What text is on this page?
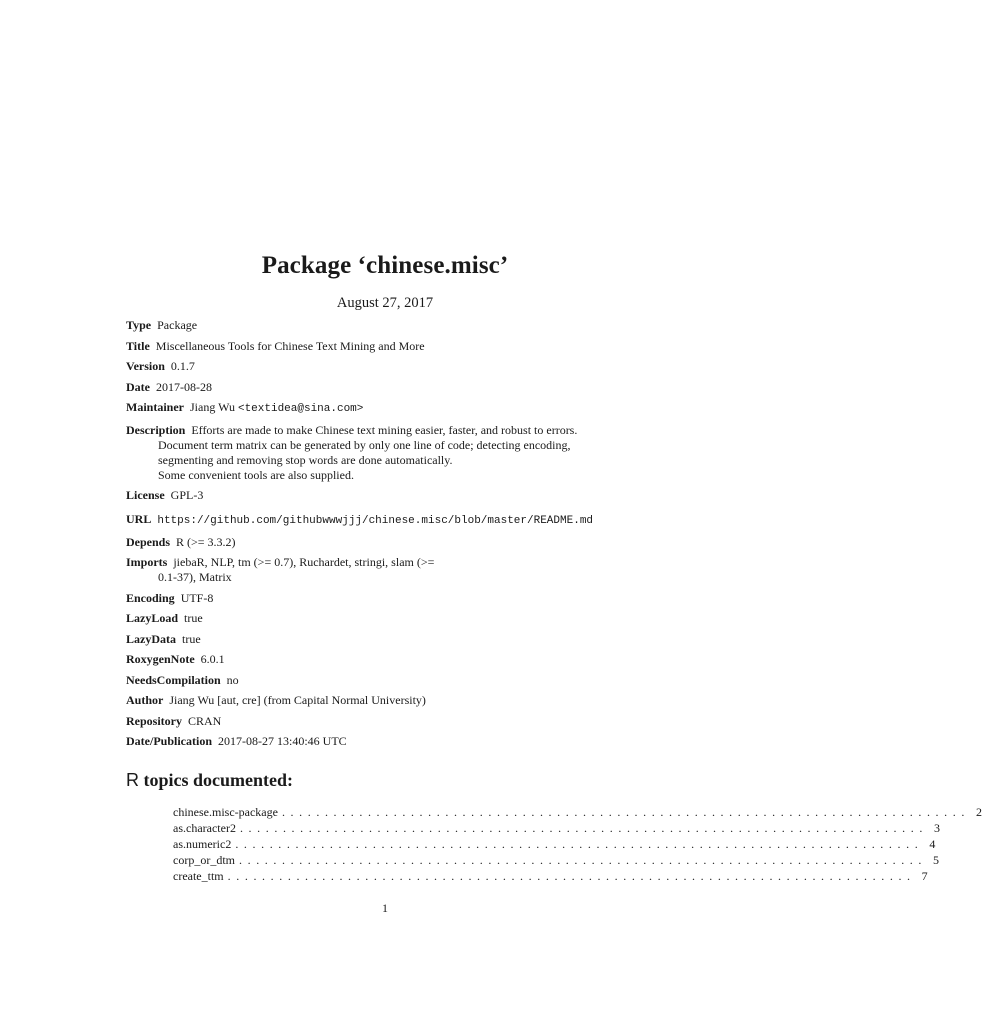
Package ‘chinese.misc’
August 27, 2017
Type Package
Title Miscellaneous Tools for Chinese Text Mining and More
Version 0.1.7
Date 2017-08-28
Maintainer Jiang Wu <textidea@sina.com>
Description Efforts are made to make Chinese text mining easier, faster, and robust to errors.
Document term matrix can be generated by only one line of code; detecting encoding,
segmenting and removing stop words are done automatically.
Some convenient tools are also supplied.
License GPL-3
URL https://github.com/githubwwwjjj/chinese.misc/blob/master/README.md
Depends R (>= 3.3.2)
Imports jiebaR, NLP, tm (>= 0.7), Ruchardet, stringi, slam (>=
0.1-37), Matrix
Encoding UTF-8
LazyLoad true
LazyData true
RoxygenNote 6.0.1
NeedsCompilation no
Author Jiang Wu [aut, cre] (from Capital Normal University)
Repository CRAN
Date/Publication 2017-08-27 13:40:46 UTC
R topics documented:
chinese.misc-package ................................................................................ 2
as.character2 ................................................................................ 3
as.numeric2 ................................................................................ 4
corp_or_dtm ................................................................................ 5
create_ttm ................................................................................ 7
1
